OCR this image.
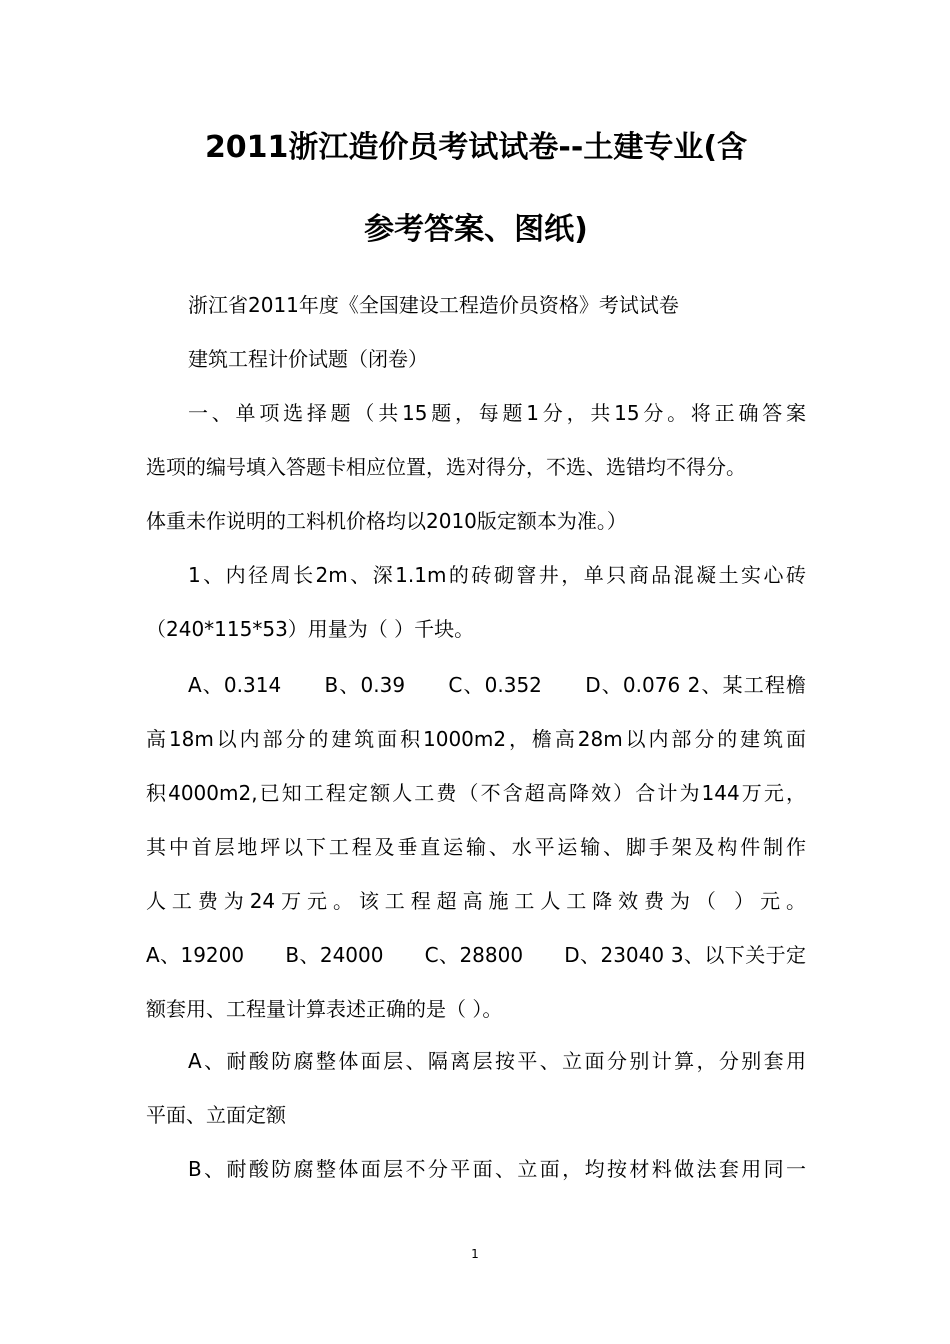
2011浙江造价员考试试卷--土建专业(含
参考答案、图纸)
浙江省2011年度《全国建设工程造价员资格》考试试卷
建筑工程计价试题（闭卷）
一、单项选择题（共15题，每题1分，共15分。将正确答案
选项的编号填入答题卡相应位置，选对得分，不选、选错均不得分。
体重未作说明的工料机价格均以2010版定额本为准。）
1、内径周长2m、深1.1m的砖砌窨井，单只商品混凝土实心砖
（240*115*53）用量为（ ）千块。
A、0.314　　B、0.39　　C、0.352　　D、0.076 2、某工程檐
高18m以内部分的建筑面积1000m2，檐高28m以内部分的建筑面
积4000m2,已知工程定额人工费（不含超高降效）合计为144万元，
其中首层地坪以下工程及垂直运输、水平运输、脚手架及构件制作
人工费为24万元。该工程超高施工人工降效费为（ ）元。
A、19200　　B、24000　　C、28800　　D、23040 3、以下关于定
额套用、工程量计算表述正确的是（ ）。
A、耐酸防腐整体面层、隔离层按平、立面分别计算，分别套用
平面、立面定额
B、耐酸防腐整体面层不分平面、立面，均按材料做法套用同一
1
